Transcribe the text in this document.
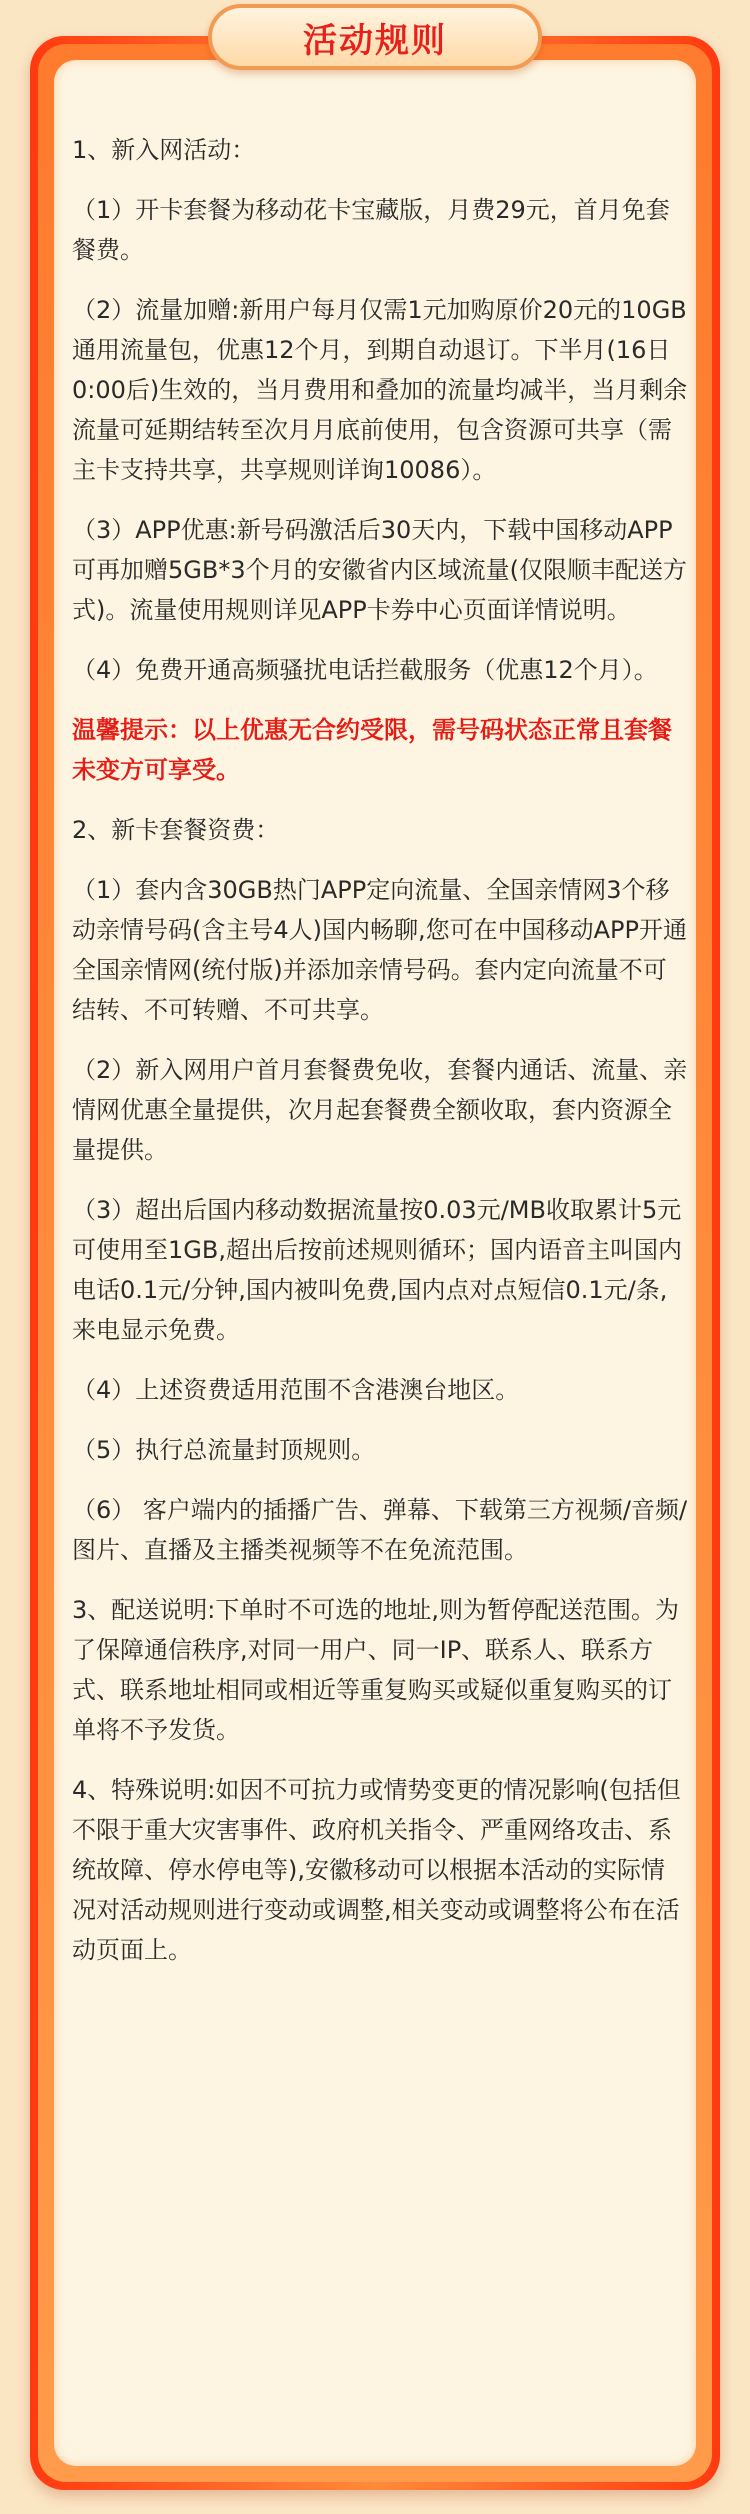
活动规则

1、新入网活动：

（1）开卡套餐为移动花卡宝藏版，月费29元，首月免套餐费。

（2）流量加赠:新用户每月仅需1元加购原价20元的10GB通用流量包，优惠12个月，到期自动退订。下半月(16日0:00后)生效的，当月费用和叠加的流量均减半，当月剩余流量可延期结转至次月月底前使用，包含资源可共享（需主卡支持共享，共享规则详询10086）。

（3）APP优惠:新号码激活后30天内，下载中国移动APP可再加赠5GB*3个月的安徽省内区域流量(仅限顺丰配送方式)。流量使用规则详见APP卡券中心页面详情说明。

（4）免费开通高频骚扰电话拦截服务（优惠12个月）。

温馨提示：以上优惠无合约受限，需号码状态正常且套餐未变方可享受。

2、新卡套餐资费：

（1）套内含30GB热门APP定向流量、全国亲情网3个移动亲情号码(含主号4人)国内畅聊,您可在中国移动APP开通全国亲情网(统付版)并添加亲情号码。套内定向流量不可结转、不可转赠、不可共享。

（2）新入网用户首月套餐费免收，套餐内通话、流量、亲情网优惠全量提供，次月起套餐费全额收取，套内资源全量提供。

（3）超出后国内移动数据流量按0.03元/MB收取累计5元可使用至1GB,超出后按前述规则循环；国内语音主叫国内电话0.1元/分钟,国内被叫免费,国内点对点短信0.1元/条,来电显示免费。

（4）上述资费适用范围不含港澳台地区。

（5）执行总流量封顶规则。

（6） 客户端内的插播广告、弹幕、下载第三方视频/音频/图片、直播及主播类视频等不在免流范围。

3、配送说明:下单时不可选的地址,则为暂停配送范围。为了保障通信秩序,对同一用户、同一IP、联系人、联系方式、联系地址相同或相近等重复购买或疑似重复购买的订单将不予发货。

4、特殊说明:如因不可抗力或情势变更的情况影响(包括但不限于重大灾害事件、政府机关指令、严重网络攻击、系统故障、停水停电等),安徽移动可以根据本活动的实际情况对活动规则进行变动或调整,相关变动或调整将公布在活动页面上。
